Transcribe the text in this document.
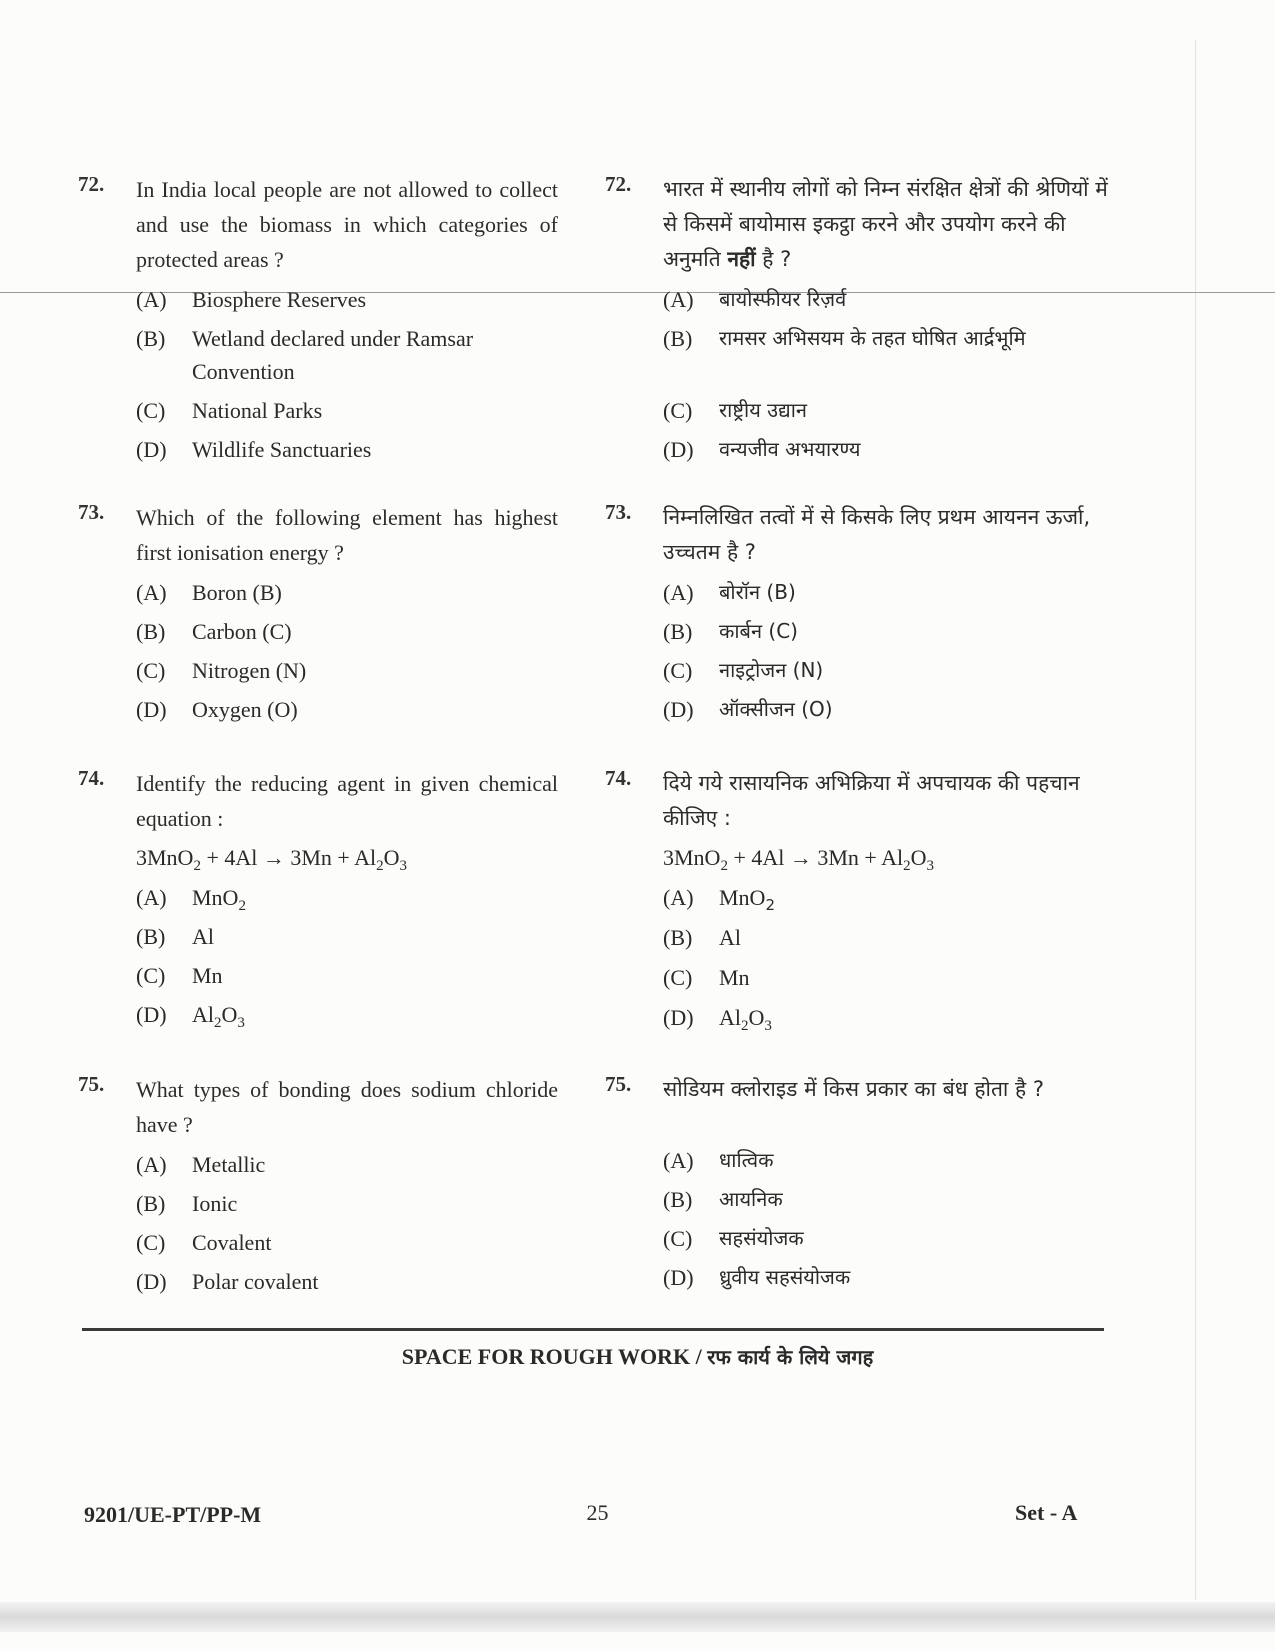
72. In India local people are not allowed to collect and use the biomass in which categories of protected areas ?
(A) Biosphere Reserves
(B) Wetland declared under Ramsar Convention
(C) National Parks
(D) Wildlife Sanctuaries
73. Which of the following element has highest first ionisation energy ?
(A) Boron (B)
(B) Carbon (C)
(C) Nitrogen (N)
(D) Oxygen (O)
74. Identify the reducing agent in given chemical equation :
$3MnO_2 + 4Al \to 3Mn + Al_2O_3$
(A) MnO$_2$
(B) Al
(C) Mn
(D) $Al_2O_3$
75. What types of bonding does sodium chloride have ?
(A) Metallic
(B) Ionic
(C) Covalent
(D) Polar covalent
72. भारत में स्थानीय लोगों को निम्न संरक्षित क्षेत्रों की श्रेणियों में से किसमें बायोमास इकट्ठा करने और उपयोग करने की अनुमति नहीं है ?
(A) बायोस्फीयर रिज़र्व
(B) रामसर अभिसयम के तहत घोषित आर्द्रभूमि
(C) राष्ट्रीय उद्यान
(D) वन्यजीव अभयारण्य
73. निम्नलिखित तत्वों में से किसके लिए प्रथम आयनन ऊर्जा, उच्चतम है ?
(A) बोरॉन (B)
(B) कार्बन (C)
(C) नाइट्रोजन (N)
(D) ऑक्सीजन (O)
74. दिये गये रासायनिक अभिक्रिया में अपचायक की पहचान कीजिए :
$3MnO_2 + 4Al \to 3Mn + Al_2O_3$
(A) MnO$_2$
(B) Al
(C) Mn
(D) $Al_2O_3$
75. सोडियम क्लोराइड में किस प्रकार का बंध होता है ?
(A) धात्विक
(B) आयनिक
(C) सहसंयोजक
(D) ध्रुवीय सहसंयोजक
SPACE FOR ROUGH WORK / रफ कार्य के लिये जगह
9201/UE-PT/PP-M	25	Set - A
